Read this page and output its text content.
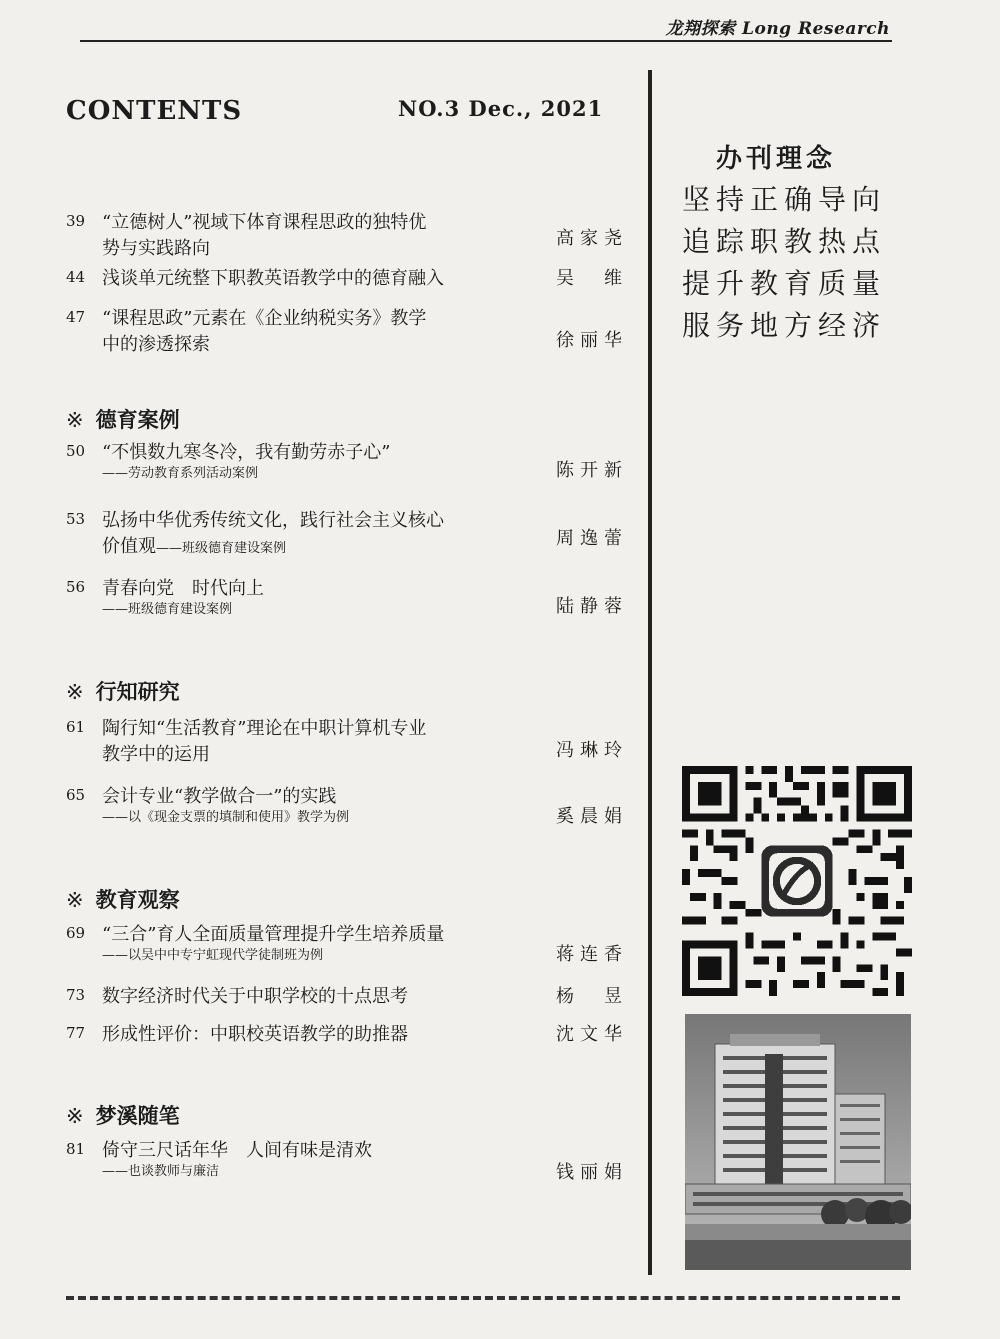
龙翔探索 Long Research
CONTENTS	NO.3 Dec., 2021
39 “立德树人”视域下体育课程思政的独特优
势与实践路向	高家尧
44 浅谈单元统整下职教英语教学中的德育融入	吴　维
47 “课程思政”元素在《企业纳税实务》教学
中的渗透探索	徐丽华
※ 德育案例
50 “不惧数九寒冬冷，我有勤劳赤子心”
——劳动教育系列活动案例	陈开新
53 弘扬中华优秀传统文化，践行社会主义核心
价值观——班级德育建设案例	周逸蕾
56 青春向党　时代向上
——班级德育建设案例	陆静蓉
※ 行知研究
61 陶行知“生活教育”理论在中职计算机专业
教学中的运用	冯琳玲
65 会计专业“教学做合一”的实践
——以《现金支票的填制和使用》教学为例	奚晨娟
※ 教育观察
69 “三合”育人全面质量管理提升学生培养质量
——以吴中中专宁虹现代学徒制班为例	蒋连香
73 数字经济时代关于中职学校的十点思考	杨　昱
77 形成性评价：中职校英语教学的助推器	沈文华
※ 梦溪随笔
81 倚守三尺话年华　人间有味是清欢
——也谈教师与廉洁	钱丽娟
办刊理念
坚持正确导向
追踪职教热点
提升教育质量
服务地方经济
